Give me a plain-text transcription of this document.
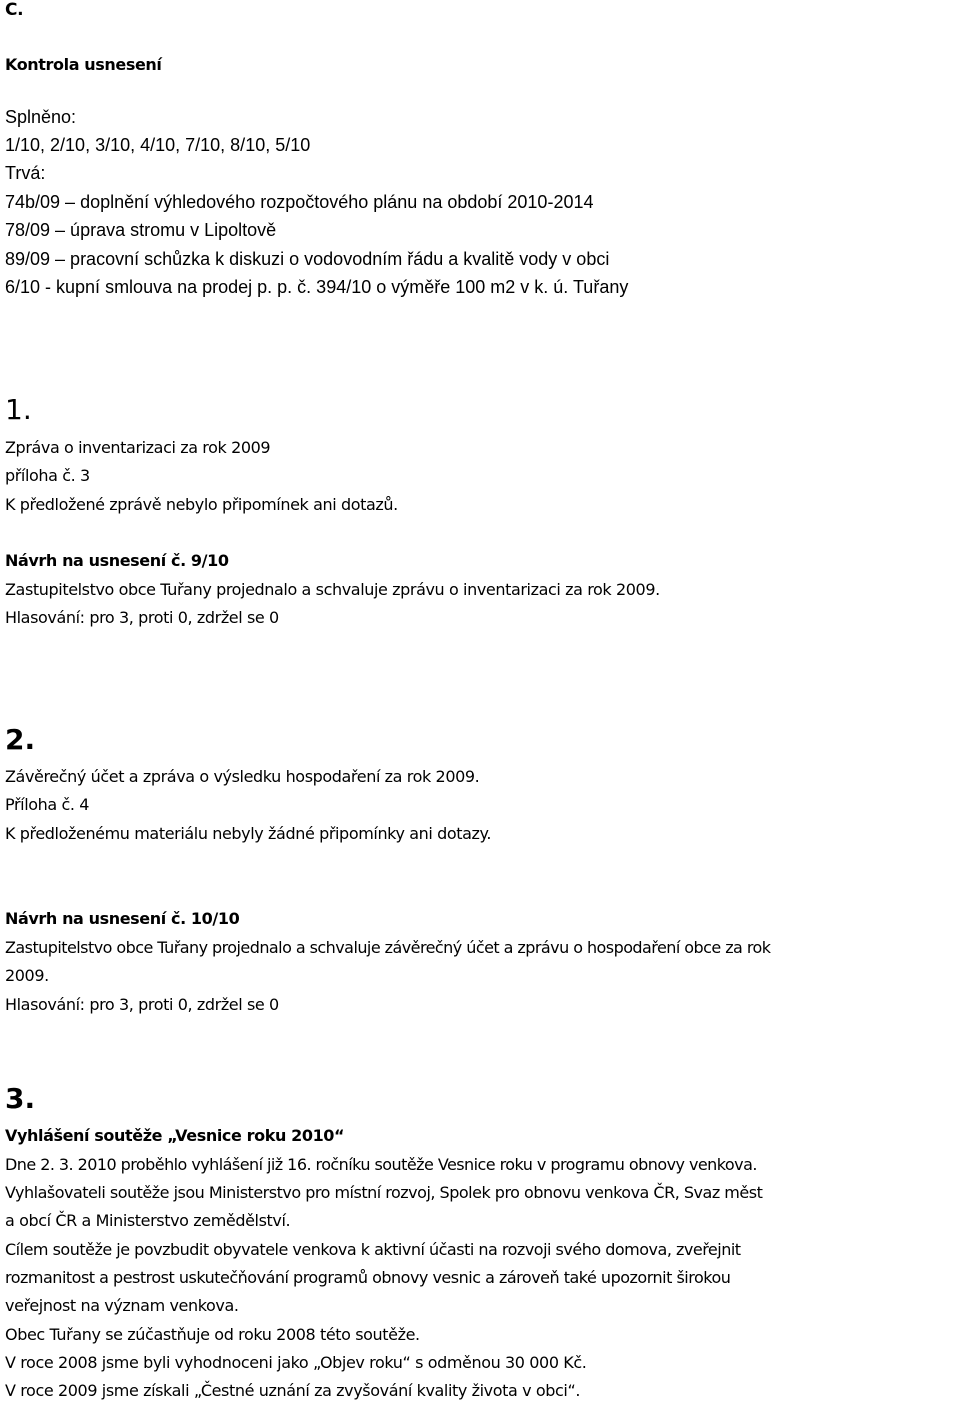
C.

Kontrola usnesení

Splněno:

1/10, 2/10, 3/10, 4/10, 7/10, 8/10, 5/10

Trvá:

74b/09 – doplnění výhledového rozpočtového plánu na období 2010-2014

78/09 – úprava stromu v Lipoltově

89/09 – pracovní schůzka k diskuzi o vodovodním řádu a kvalitě vody v obci

6/10 - kupní smlouva na prodej p. p. č. 394/10 o výměře 100 m2 v k. ú. Tuřany

1.

Zpráva o inventarizaci za rok 2009

příloha č. 3

K předložené zprávě nebylo připomínek ani dotazů.

Návrh na usnesení č. 9/10

Zastupitelstvo obce Tuřany projednalo a schvaluje zprávu o inventarizaci za rok 2009.

Hlasování: pro 3, proti 0, zdržel se 0

2.

Závěrečný účet a zpráva o výsledku hospodaření za rok 2009.

Příloha č. 4

K předloženému materiálu nebyly žádné připomínky ani dotazy.

Návrh na usnesení č. 10/10

Zastupitelstvo obce Tuřany projednalo a schvaluje závěrečný účet a zprávu o hospodaření obce za rok

2009.

Hlasování: pro 3, proti 0, zdržel se 0

3.

Vyhlášení soutěže „Vesnice roku 2010“

Dne 2. 3. 2010 proběhlo vyhlášení již 16. ročníku soutěže Vesnice roku v programu obnovy venkova.

Vyhlašovateli soutěže jsou Ministerstvo pro místní rozvoj, Spolek pro obnovu venkova ČR, Svaz měst

a obcí ČR a Ministerstvo zemědělství.

Cílem soutěže je povzbudit obyvatele venkova k aktivní účasti na rozvoji svého domova, zveřejnit

rozmanitost a pestrost uskutečňování programů obnovy vesnic a zároveň také upozornit širokou

veřejnost na význam venkova.

Obec Tuřany se zúčastňuje od roku 2008 této soutěže.

V roce 2008 jsme byli vyhodnoceni jako „Objev roku“ s odměnou 30 000 Kč.

V roce 2009 jsme získali „Čestné uznání za zvyšování kvality života v obci“.
